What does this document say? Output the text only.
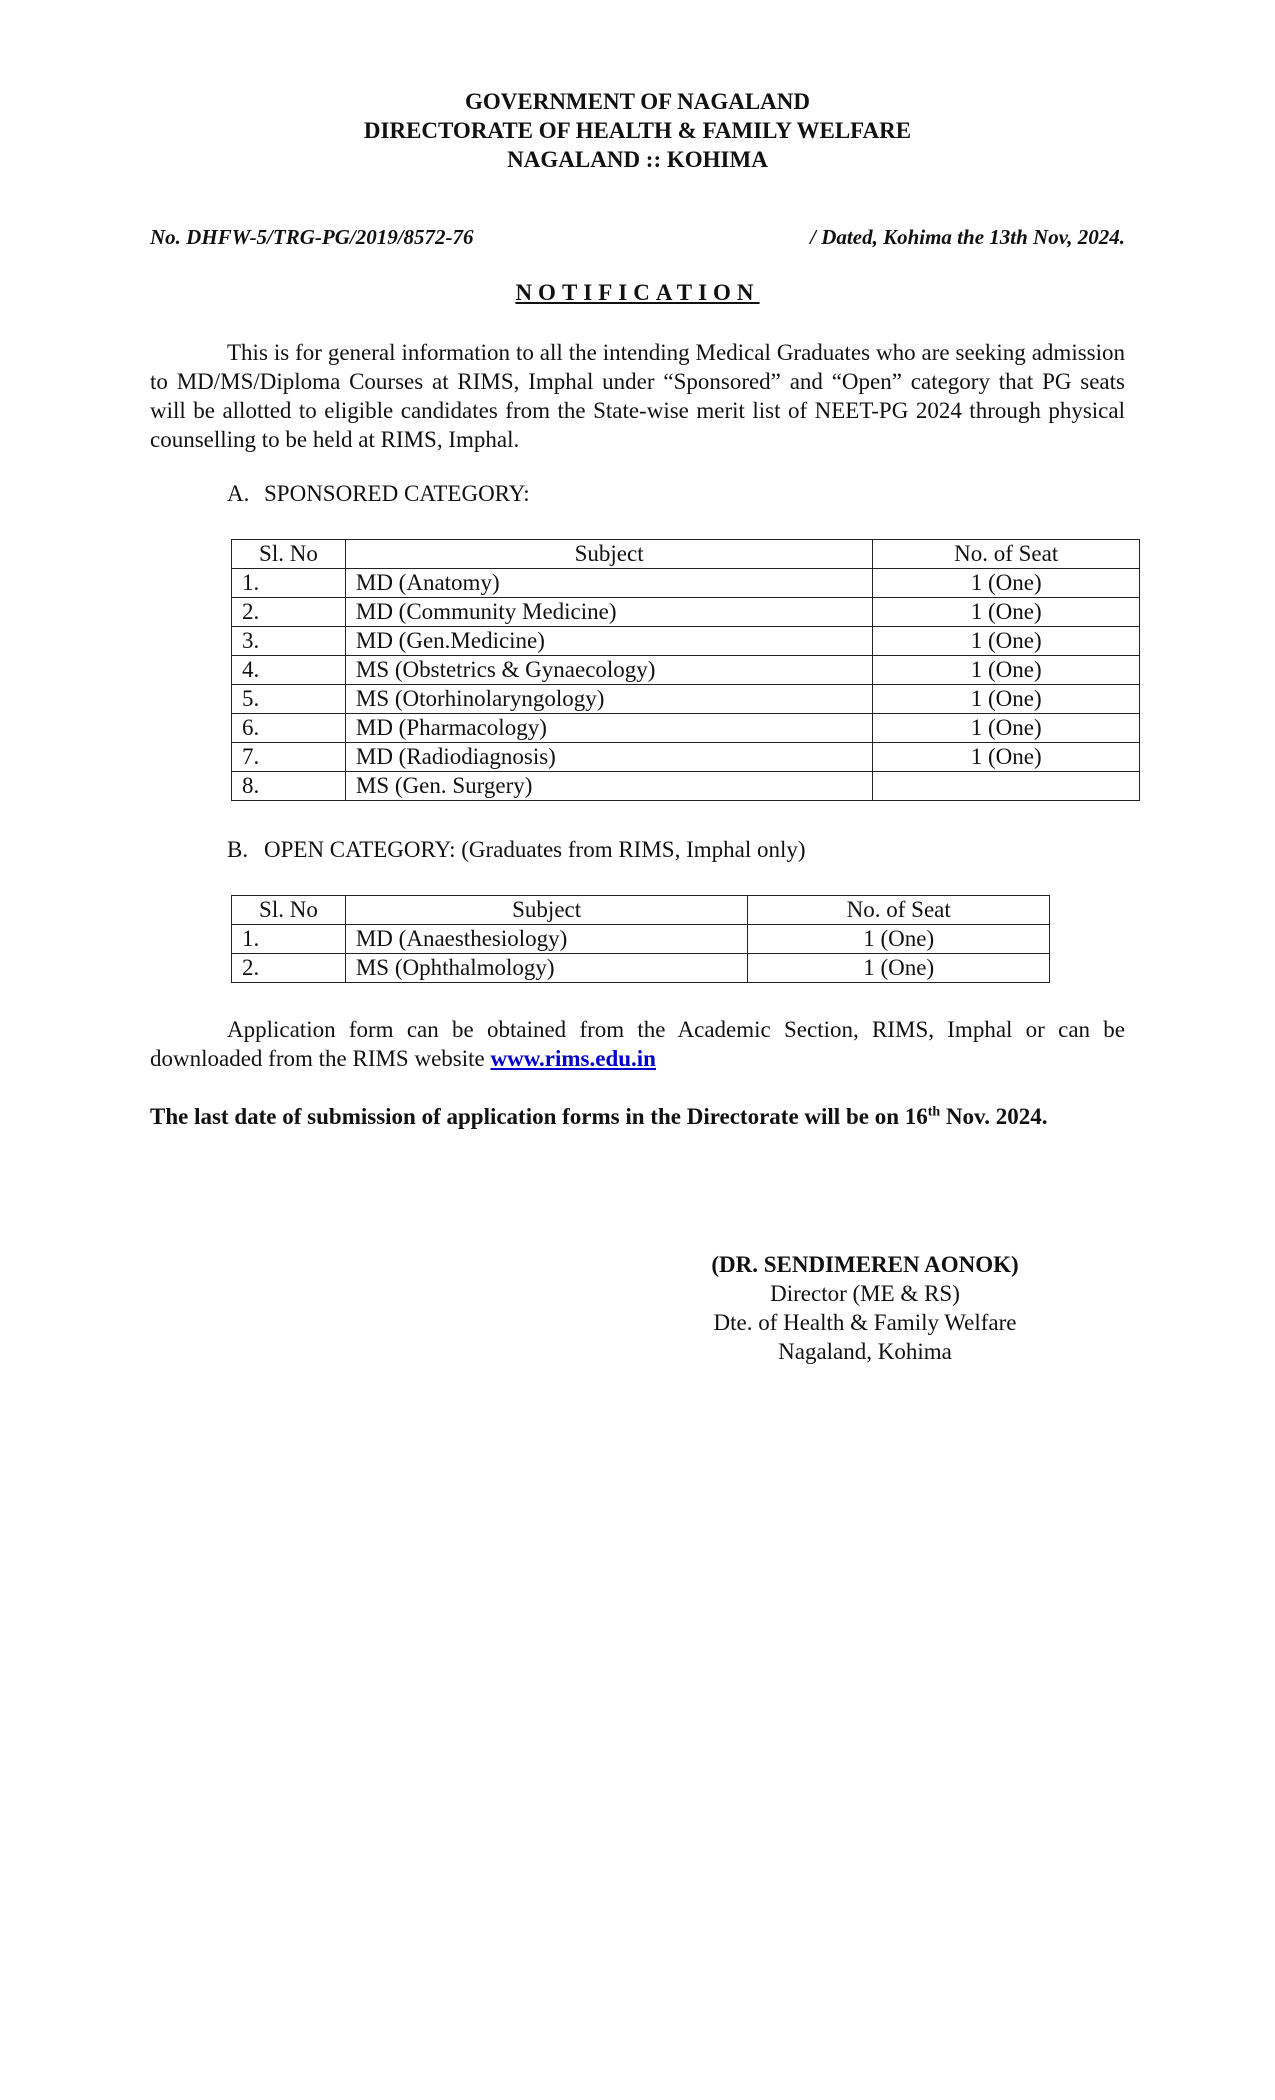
GOVERNMENT OF NAGALAND
DIRECTORATE OF HEALTH & FAMILY WELFARE
NAGALAND :: KOHIMA
No. DHFW-5/TRG-PG/2019/8572-76	/ Dated, Kohima the 13th Nov, 2024.
NOTIFICATION

This is for general information to all the intending Medical Graduates who are seeking admission to MD/MS/Diploma Courses at RIMS, Imphal under “Sponsored” and “Open” category that PG seats will be allotted to eligible candidates from the State-wise merit list of NEET-PG 2024 through physical counselling to be held at RIMS, Imphal.

A. SPONSORED CATEGORY:
Sl. No	Subject	No. of Seat
1.	MD (Anatomy)	1 (One)
2.	MD (Community Medicine)	1 (One)
3.	MD (Gen.Medicine)	1 (One)
4.	MS (Obstetrics & Gynaecology)	1 (One)
5.	MS (Otorhinolaryngology)	1 (One)
6.	MD (Pharmacology)	1 (One)
7.	MD (Radiodiagnosis)	1 (One)
8.	MS (Gen. Surgery)	
B. OPEN CATEGORY: (Graduates from RIMS, Imphal only)
Sl. No	Subject	No. of Seat
1.	MD (Anaesthesiology)	1 (One)
2.	MS (Ophthalmology)	1 (One)

Application form can be obtained from the Academic Section, RIMS, Imphal or can be downloaded from the RIMS website www.rims.edu.in

The last date of submission of application forms in the Directorate will be on 16th Nov. 2024.
(DR. SENDIMEREN AONOK)
Director (ME & RS)
Dte. of Health & Family Welfare
Nagaland, Kohima
